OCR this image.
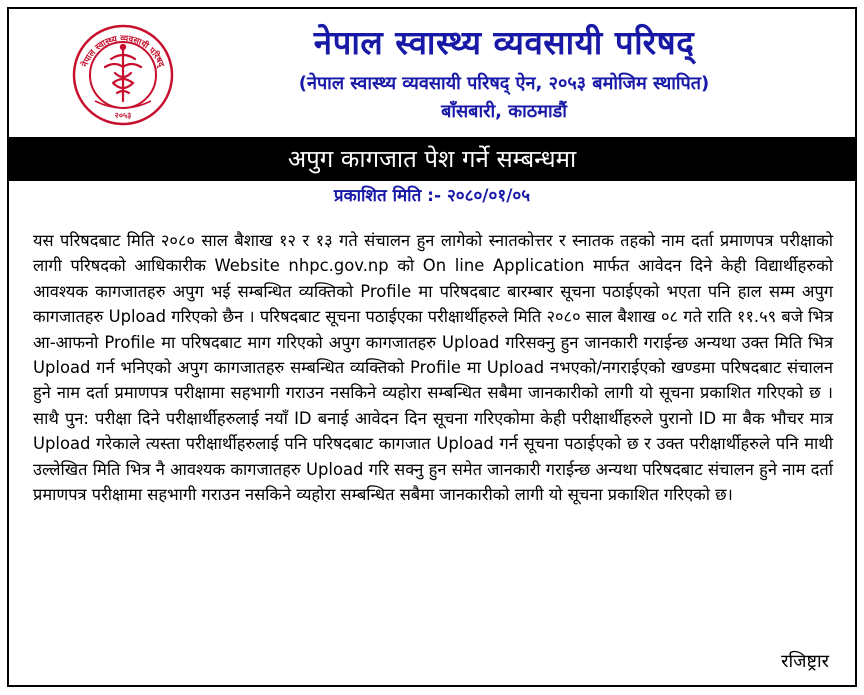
नेपाल स्वास्थ्य व्यवसायी परिषद्
२०५३
नेपाल स्वास्थ्य व्यवसायी परिषद्
(नेपाल स्वास्थ्य व्यवसायी परिषद् ऐन, २०५३ बमोजिम स्थापित)
बाँसबारी, काठमाडौं
अपुग कागजात पेश गर्ने सम्बन्धमा
प्रकाशित मिति :- २०८०/०१/०५
यस परिषदबाट मिति २०८० साल बैशाख १२ र १३ गते संचालन हुन लागेको स्नातकोत्तर र स्नातक तहको नाम दर्ता प्रमाणपत्र परीक्षाको लागी परिषदको आधिकारीक Website nhpc.gov.np को On line Application मार्फत आवेदन दिने केही विद्यार्थीहरुको आवश्यक कागजातहरु अपुग भई सम्बन्धित व्यक्तिको Profile मा परिषदबाट बारम्बार सूचना पठाईएको भएता पनि हाल सम्म अपुग कागजातहरु Upload गरिएको छैन । परिषदबाट सूचना पठाईएका परीक्षार्थीहरुले मिति २०८० साल बैशाख ०८ गते राति ११.५९ बजे भित्र आ-आफनो Profile मा परिषदबाट माग गरिएको अपुग कागजातहरु Upload गरिसक्नु हुन जानकारी गराईन्छ अन्यथा उक्त मिति भित्र Upload गर्न भनिएको अपुग कागजातहरु सम्बन्धित व्यक्तिको Profile मा Upload नभएको/नगराईएको खण्डमा परिषदबाट संचालन हुने नाम दर्ता प्रमाणपत्र परीक्षामा सहभागी गराउन नसकिने व्यहोरा सम्बन्धित सबैमा जानकारीको लागी यो सूचना प्रकाशित गरिएको छ । साथै पुन: परीक्षा दिने परीक्षार्थीहरुलाई नयाँ ID बनाई आवेदन दिन सूचना गरिएकोमा केही परीक्षार्थीहरुले पुरानो ID मा बैक भौचर मात्र Upload गरेकाले त्यस्ता परीक्षार्थीहरुलाई पनि परिषदबाट कागजात Upload गर्न सूचना पठाईएको छ र उक्त परीक्षार्थीहरुले पनि माथी उल्लेखित मिति भित्र नै आवश्यक कागजातहरु Upload गरि सक्नु हुन समेत जानकारी गराईन्छ अन्यथा परिषदबाट संचालन हुने नाम दर्ता प्रमाणपत्र परीक्षामा सहभागी गराउन नसकिने व्यहोरा सम्बन्धित सबैमा जानकारीको लागी यो सूचना प्रकाशित गरिएको छ।
रजिष्ट्रार
